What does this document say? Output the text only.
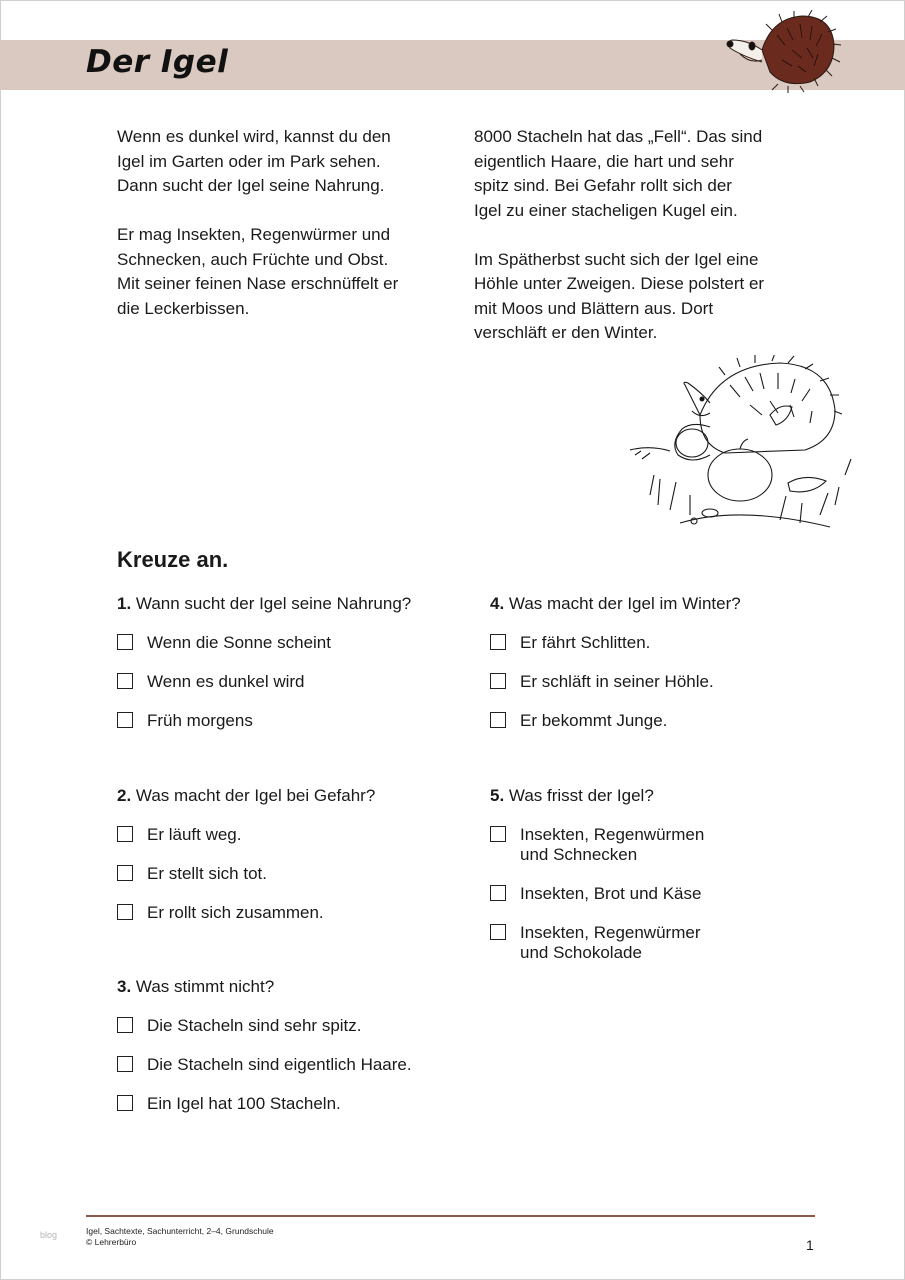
Der Igel

Wenn es dunkel wird, kannst du den
Igel im Garten oder im Park sehen.
Dann sucht der Igel seine Nahrung.

Er mag Insekten, Regenwürmer und
Schnecken, auch Früchte und Obst.
Mit seiner feinen Nase erschnüffelt er
die Leckerbissen.

8000 Stacheln hat das „Fell“. Das sind
eigentlich Haare, die hart und sehr
spitz sind. Bei Gefahr rollt sich der
Igel zu einer stacheligen Kugel ein.

Im Spätherbst sucht sich der Igel eine
Höhle unter Zweigen. Diese polstert er
mit Moos und Blättern aus. Dort
verschläft er den Winter.

Kreuze an.
1. Wann sucht der Igel seine Nahrung?
Wenn die Sonne scheint
Wenn es dunkel wird
Früh morgens
2. Was macht der Igel bei Gefahr?
Er läuft weg.
Er stellt sich tot.
Er rollt sich zusammen.
3. Was stimmt nicht?
Die Stacheln sind sehr spitz.
Die Stacheln sind eigentlich Haare.
Ein Igel hat 100 Stacheln.
4. Was macht der Igel im Winter?
Er fährt Schlitten.
Er schläft in seiner Höhle.
Er bekommt Junge.
5. Was frisst der Igel?
Insekten, Regenwürmen
und Schnecken
Insekten, Brot und Käse
Insekten, Regenwürmer
und Schokolade
blog	Igel, Sachtexte, Sachunterricht, 2–4, Grundschule
© Lehrerbüro	1
